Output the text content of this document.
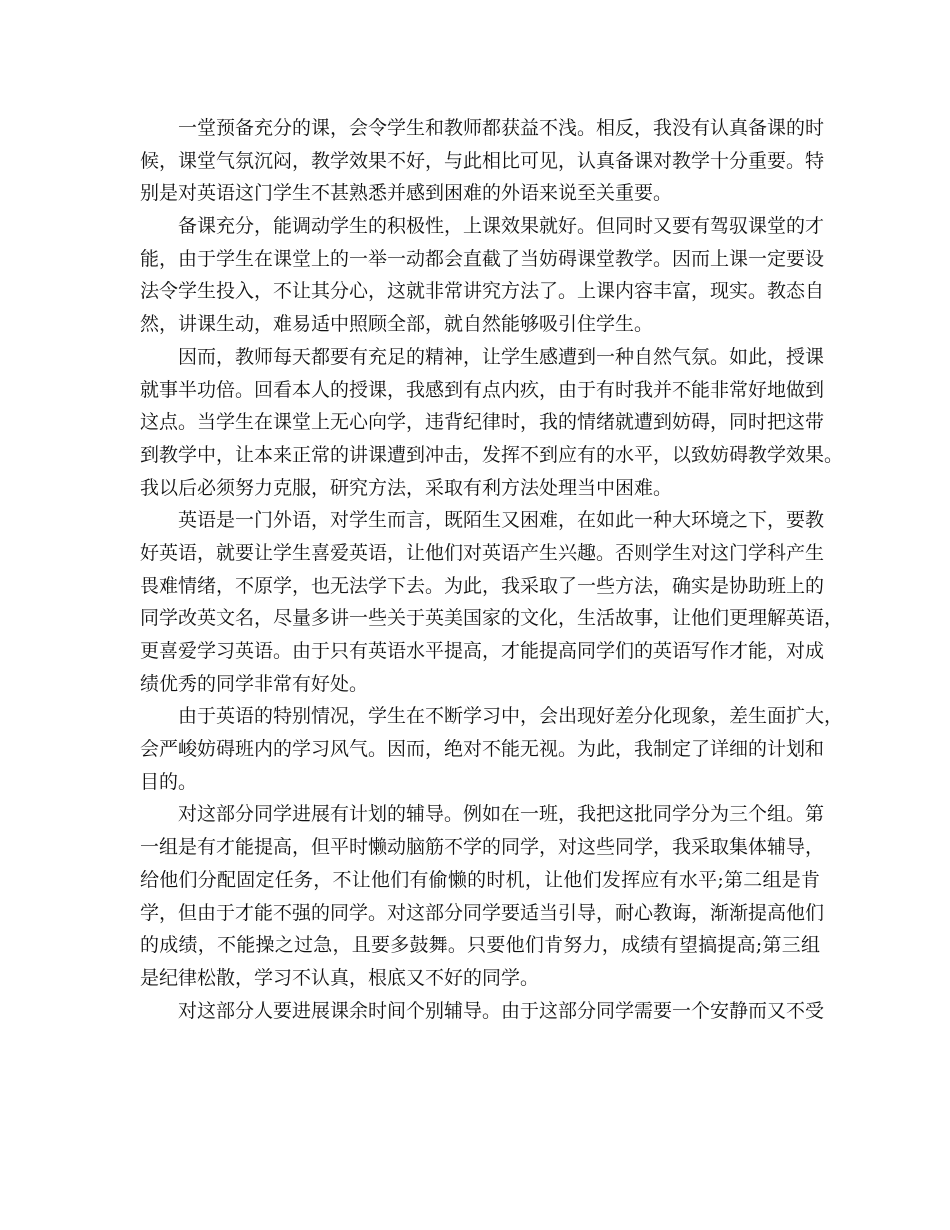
一堂预备充分的课，会令学生和教师都获益不浅。相反，我没有认真备课的时
候，课堂气氛沉闷，教学效果不好，与此相比可见，认真备课对教学十分重要。特
别是对英语这门学生不甚熟悉并感到困难的外语来说至关重要。
备课充分，能调动学生的积极性，上课效果就好。但同时又要有驾驭课堂的才
能，由于学生在课堂上的一举一动都会直截了当妨碍课堂教学。因而上课一定要设
法令学生投入，不让其分心，这就非常讲究方法了。上课内容丰富，现实。教态自
然，讲课生动，难易适中照顾全部，就自然能够吸引住学生。
因而，教师每天都要有充足的精神，让学生感遭到一种自然气氛。如此，授课
就事半功倍。回看本人的授课，我感到有点内疚，由于有时我并不能非常好地做到
这点。当学生在课堂上无心向学，违背纪律时，我的情绪就遭到妨碍，同时把这带
到教学中，让本来正常的讲课遭到冲击，发挥不到应有的水平，以致妨碍教学效果。
我以后必须努力克服，研究方法，采取有利方法处理当中困难。
英语是一门外语，对学生而言，既陌生又困难，在如此一种大环境之下，要教
好英语，就要让学生喜爱英语，让他们对英语产生兴趣。否则学生对这门学科产生
畏难情绪，不原学，也无法学下去。为此，我采取了一些方法，确实是协助班上的
同学改英文名，尽量多讲一些关于英美国家的文化，生活故事，让他们更理解英语，
更喜爱学习英语。由于只有英语水平提高，才能提高同学们的英语写作才能，对成
绩优秀的同学非常有好处。
由于英语的特别情况，学生在不断学习中，会出现好差分化现象，差生面扩大，
会严峻妨碍班内的学习风气。因而，绝对不能无视。为此，我制定了详细的计划和
目的。
对这部分同学进展有计划的辅导。例如在一班，我把这批同学分为三个组。第
一组是有才能提高，但平时懒动脑筋不学的同学，对这些同学，我采取集体辅导，
给他们分配固定任务，不让他们有偷懒的时机，让他们发挥应有水平;第二组是肯
学，但由于才能不强的同学。对这部分同学要适当引导，耐心教诲，渐渐提高他们
的成绩，不能操之过急，且要多鼓舞。只要他们肯努力，成绩有望搞提高;第三组
是纪律松散，学习不认真，根底又不好的同学。
对这部分人要进展课余时间个别辅导。由于这部分同学需要一个安静而又不受
